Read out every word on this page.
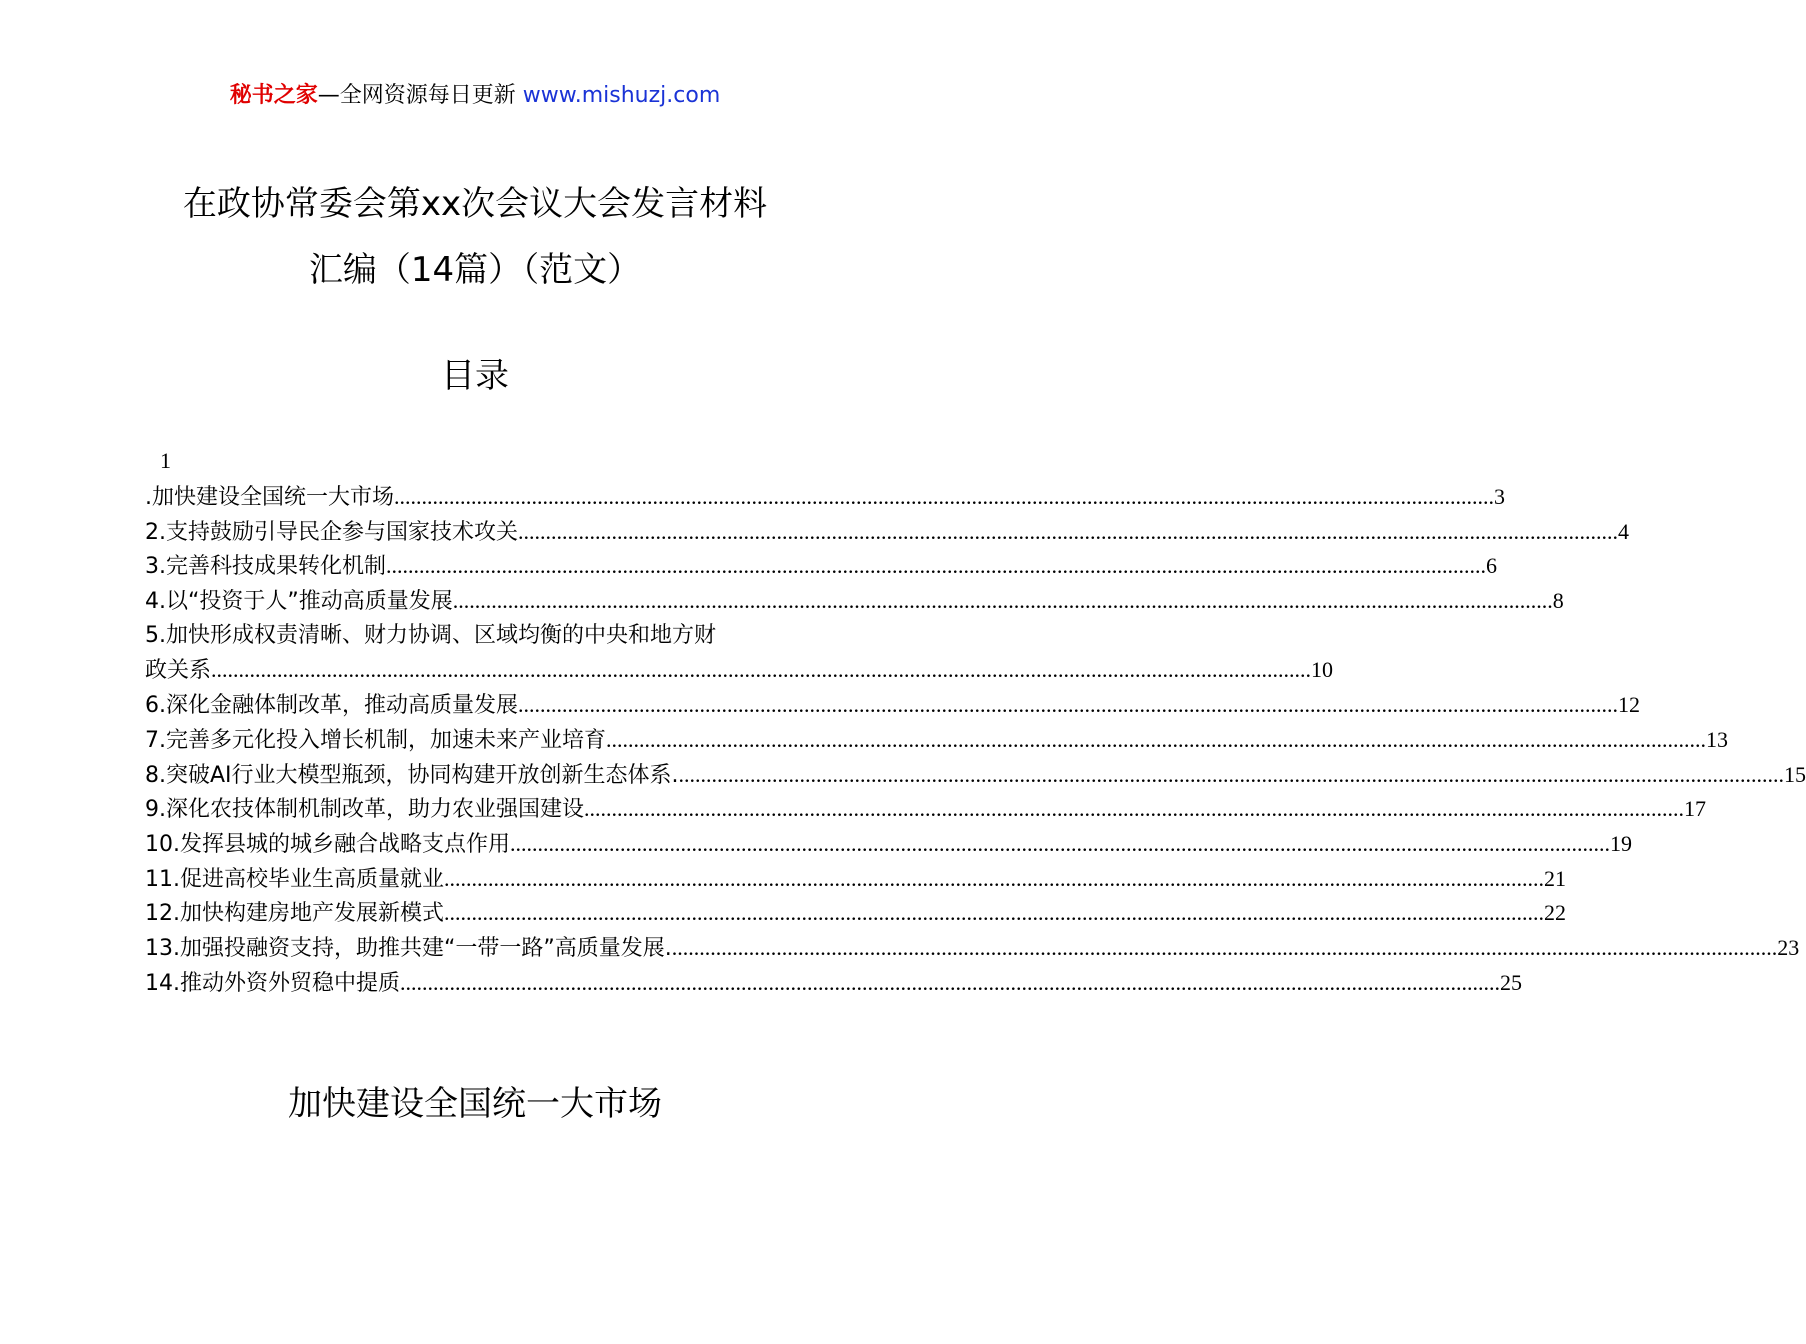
秘书之家—全网资源每日更新 www.mishuzj.com
在政协常委会第xx次会议大会发言材料
汇编（14篇）（范文）
目录
1
.加快建设全国统一大市场 ........................................................................................................................................................................................................ 3
2.支持鼓励引导民企参与国家技术攻关 ........................................................................................................................................................................................................ 4
3.完善科技成果转化机制 ........................................................................................................................................................................................................ 6
4.以“投资于人”推动高质量发展 ........................................................................................................................................................................................................ 8
5.加快形成权责清晰、财力协调、区域均衡的中央和地方财
政关系 ........................................................................................................................................................................................................ 10
6.深化金融体制改革，推动高质量发展 ........................................................................................................................................................................................................ 12
7.完善多元化投入增长机制，加速未来产业培育 ........................................................................................................................................................................................................ 13
8.突破AI行业大模型瓶颈，协同构建开放创新生态体系. ........................................................................................................................................................................................................ .15
9.深化农技体制机制改革，助力农业强国建设 ........................................................................................................................................................................................................ 17
10.发挥县城的城乡融合战略支点作用 ........................................................................................................................................................................................................ 19
11.促进高校毕业生高质量就业 ........................................................................................................................................................................................................ 21
12.加快构建房地产发展新模式 ........................................................................................................................................................................................................ 22
13.加强投融资支持，助推共建“一带一路”高质量发展. ........................................................................................................................................................................................................ .23
14.推动外资外贸稳中提质 ........................................................................................................................................................................................................ 25
加快建设全国统一大市场
